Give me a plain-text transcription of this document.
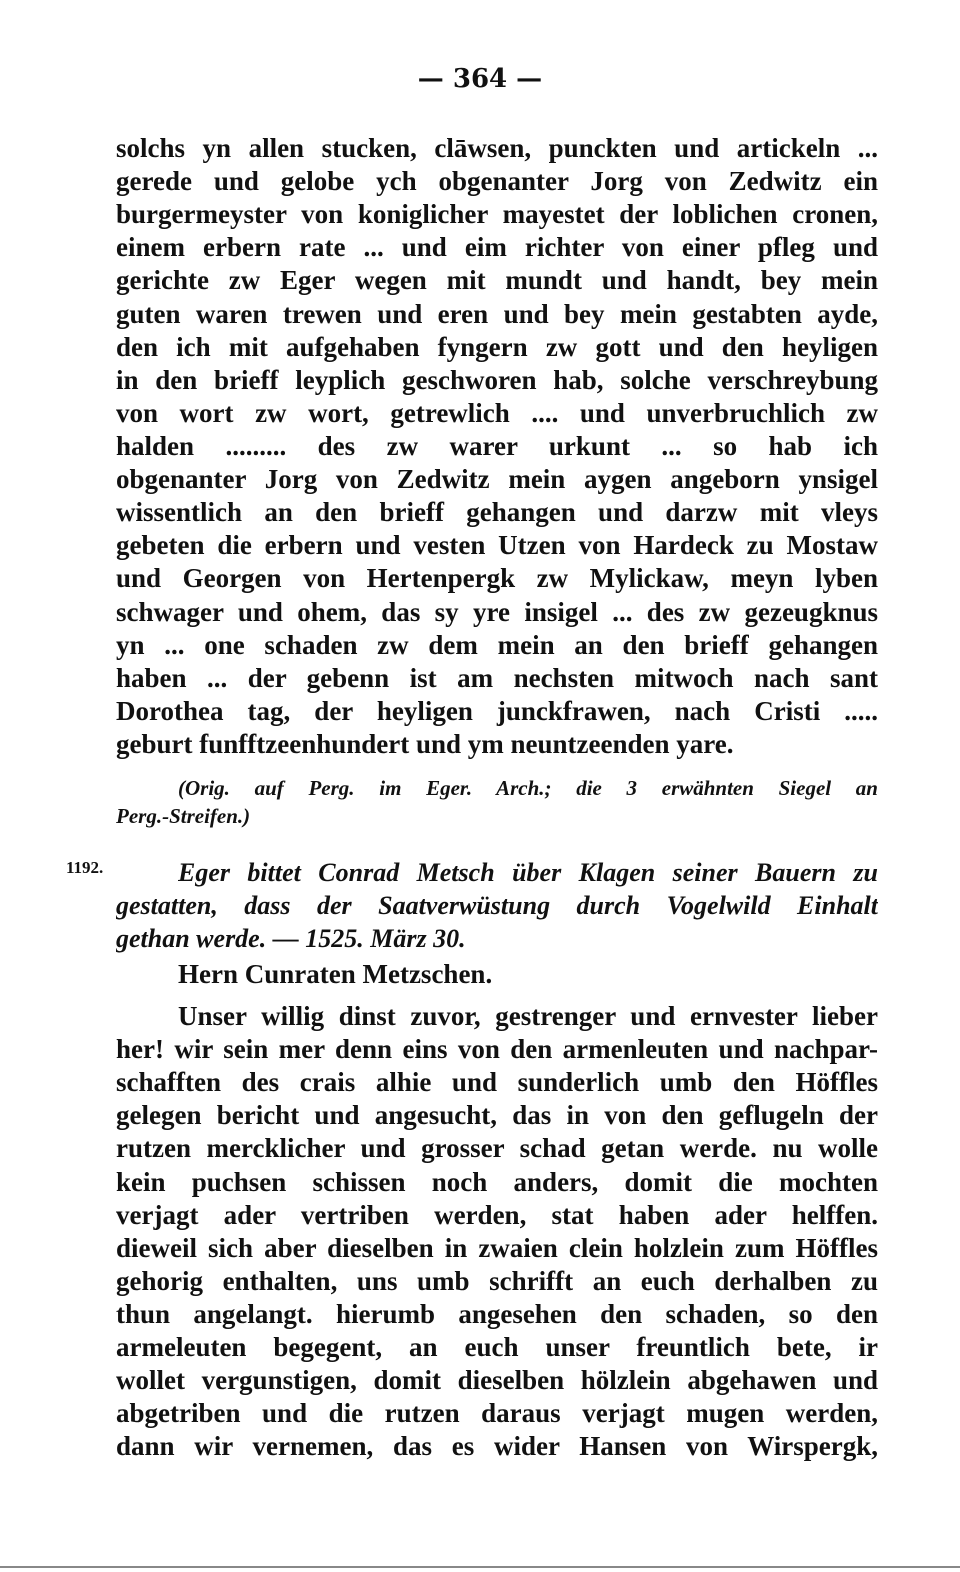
— 364 —
solchs yn allen stucken, clāwsen, punckten und artickeln ...
gerede und gelobe ych obgenanter Jorg von Zedwitz ein
burgermeyster von koniglicher mayestet der loblichen cronen,
einem erbern rate ... und eim richter von einer pfleg und
gerichte zw Eger wegen mit mundt und handt, bey mein
guten waren trewen und eren und bey mein gestabten ayde,
den ich mit aufgehaben fyngern zw gott und den heyligen
in den brieff leyplich geschworen hab, solche verschreybung
von wort zw wort, getrewlich .... und unverbruchlich zw
halden ......... des zw warer urkunt ... so hab ich
obgenanter Jorg von Zedwitz mein aygen angeborn ynsigel
wissentlich an den brieff gehangen und darzw mit vleys
gebeten die erbern und vesten Utzen von Hardeck zu Mostaw
und Georgen von Hertenpergk zw Mylickaw, meyn lyben
schwager und ohem, das sy yre insigel ... des zw gezeugknus
yn ... one schaden zw dem mein an den brieff gehangen
haben ... der gebenn ist am nechsten mitwoch nach sant
Dorothea tag, der heyligen junckfrawen, nach Cristi .....
geburt funfftzeenhundert und ym neuntzeenden yare.
(Orig. auf Perg. im Eger. Arch.; die 3 erwähnten Siegel an
Perg.-Streifen.)
Eger bittet Conrad Metsch über Klagen seiner Bauern zu
gestatten, dass der Saatverwüstung durch Vogelwild Einhalt
gethan werde. — 1525. März 30.
Hern Cunraten Metzschen.
Unser willig dinst zuvor, gestrenger und ernvester lieber
her! wir sein mer denn eins von den armenleuten und nachpar-
schafften des crais alhie und sunderlich umb den Höffles
gelegen bericht und angesucht, das in von den geflugeln der
rutzen mercklicher und grosser schad getan werde. nu wolle
kein puchsen schissen noch anders, domit die mochten
verjagt ader vertriben werden, stat haben ader helffen.
dieweil sich aber dieselben in zwaien clein holzlein zum Höffles
gehorig enthalten, uns umb schrifft an euch derhalben zu
thun angelangt. hierumb angesehen den schaden, so den
armeleuten begegent, an euch unser freuntlich bete, ir
wollet vergunstigen, domit dieselben hölzlein abgehawen und
abgetriben und die rutzen daraus verjagt mugen werden,
dann wir vernemen, das es wider Hansen von Wirspergk,
1192.
